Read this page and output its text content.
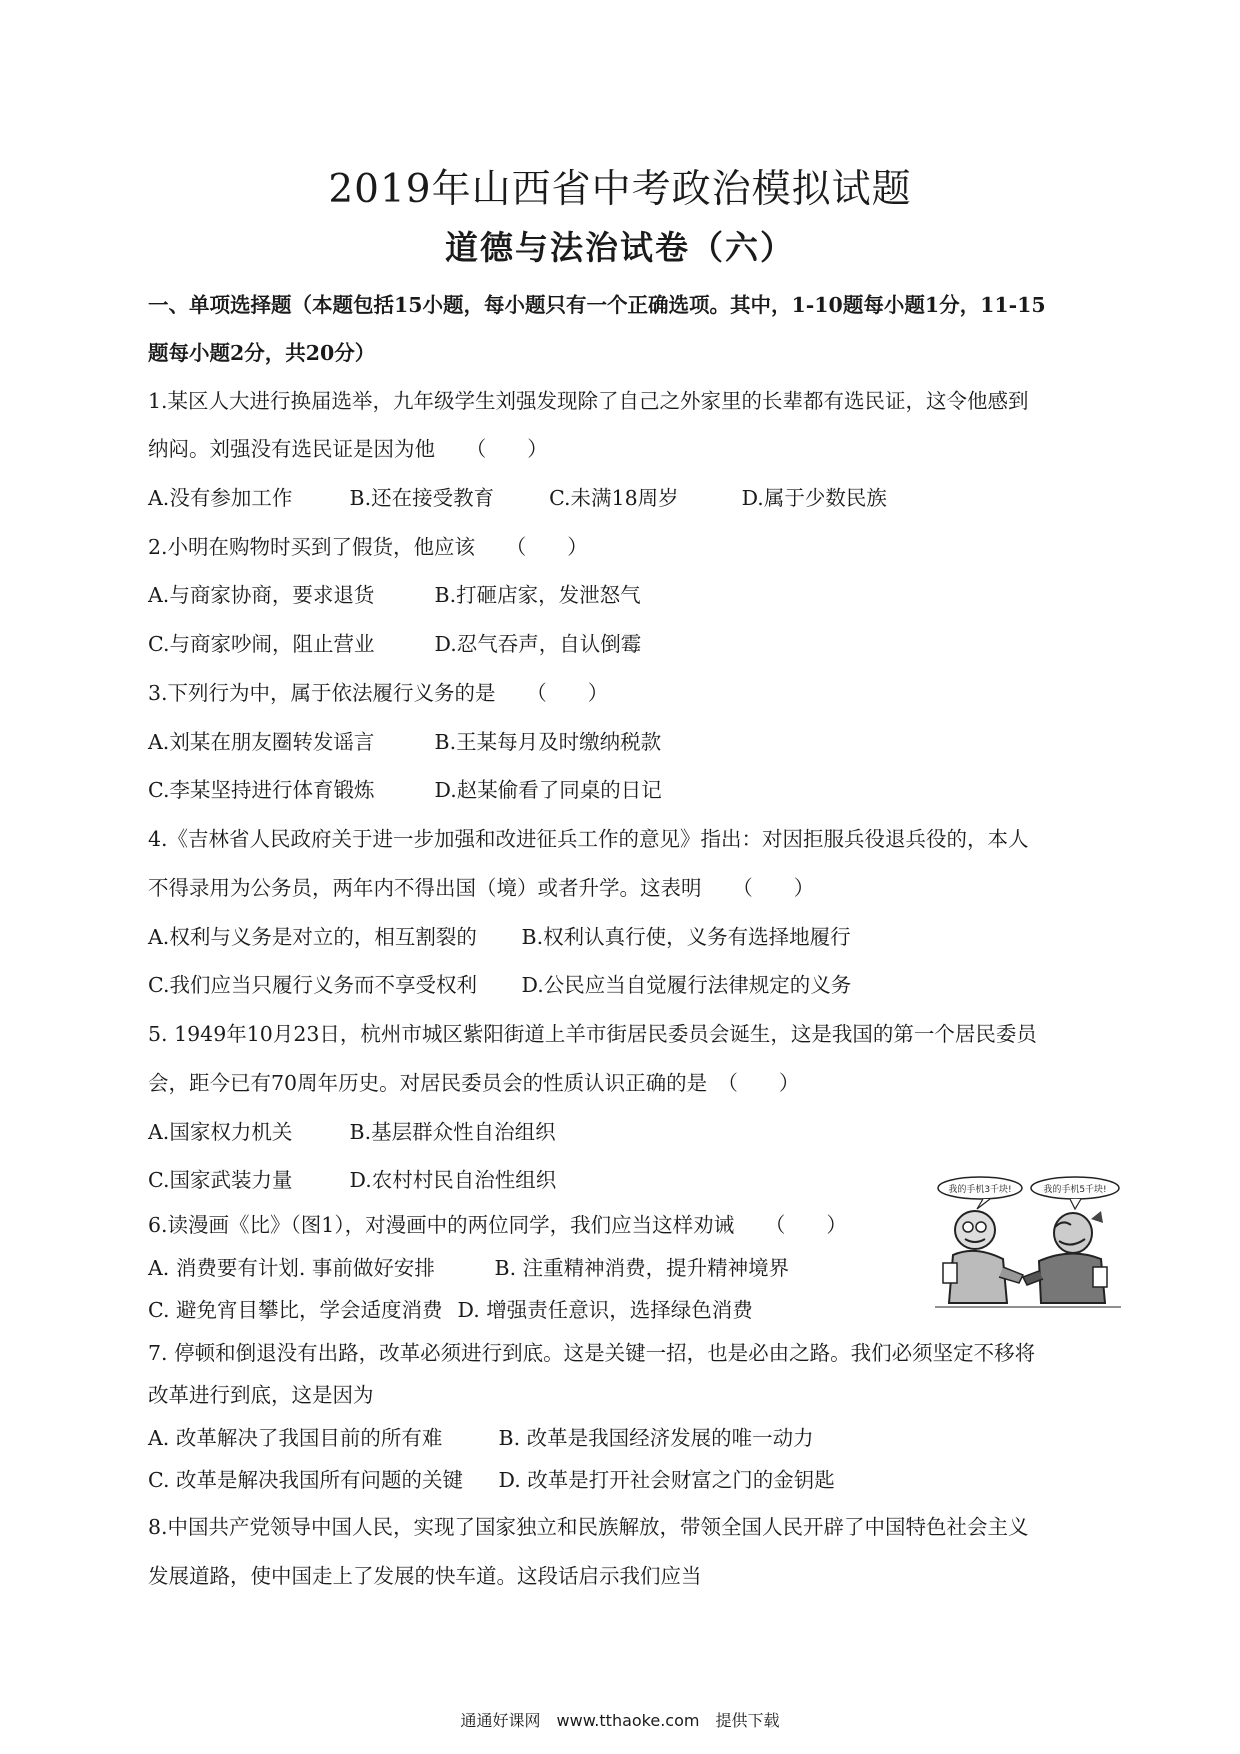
2019年山西省中考政治模拟试题
道德与法治试卷（六）
一、单项选择题（本题包括15小题，每小题只有一个正确选项。其中，1-10题每小题1分，11-15
题每小题2分，共20分）
1.某区人大进行换届选举，九年级学生刘强发现除了自己之外家里的长辈都有选民证，这令他感到
纳闷。刘强没有选民证是因为他　　（　　）
A.没有参加工作	B.还在接受教育	C.未满18周岁	D.属于少数民族
2.小明在购物时买到了假货，他应该　　（　　）
A.与商家协商，要求退货	B.打砸店家，发泄怒气
C.与商家吵闹，阻止营业	D.忍气吞声，自认倒霉
3.下列行为中，属于依法履行义务的是　　（　　）
A.刘某在朋友圈转发谣言	B.王某每月及时缴纳税款
C.李某坚持进行体育锻炼	D.赵某偷看了同桌的日记
4.《吉林省人民政府关于进一步加强和改进征兵工作的意见》指出：对因拒服兵役退兵役的，本人
不得录用为公务员，两年内不得出国（境）或者升学。这表明　　（　　）
A.权利与义务是对立的，相互割裂的 B.权利认真行使，义务有选择地履行
C.我们应当只履行义务而不享受权利 D.公民应当自觉履行法律规定的义务
5. 1949年10月23日，杭州市城区紫阳街道上羊市街居民委员会诞生，这是我国的第一个居民委员
会，距今已有70周年历史。对居民委员会的性质认识正确的是　（　　）
A.国家权力机关	B.基层群众性自治组织
C.国家武装力量	D.农村村民自治性组织
6.读漫画《比》（图1），对漫画中的两位同学，我们应当这样劝诫　　（　　）
A. 消费要有计划. 事前做好安排	B. 注重精神消费，提升精神境界
C. 避免宵目攀比，学会适度消费 D. 增强责任意识，选择绿色消费
我的手机3千块!	我的手机5千块!
7. 停顿和倒退没有出路，改革必须进行到底。这是关键一招，也是必由之路。我们必须坚定不移将
改革进行到底，这是因为
A. 改革解决了我国目前的所有难	B. 改革是我国经济发展的唯一动力
C. 改革是解决我国所有问题的关键 D. 改革是打开社会财富之门的金钥匙
8.中国共产党领导中国人民，实现了国家独立和民族解放，带领全国人民开辟了中国特色社会主义
发展道路，使中国走上了发展的快车道。这段话启示我们应当
通通好课网　www.tthaoke.com　提供下载
